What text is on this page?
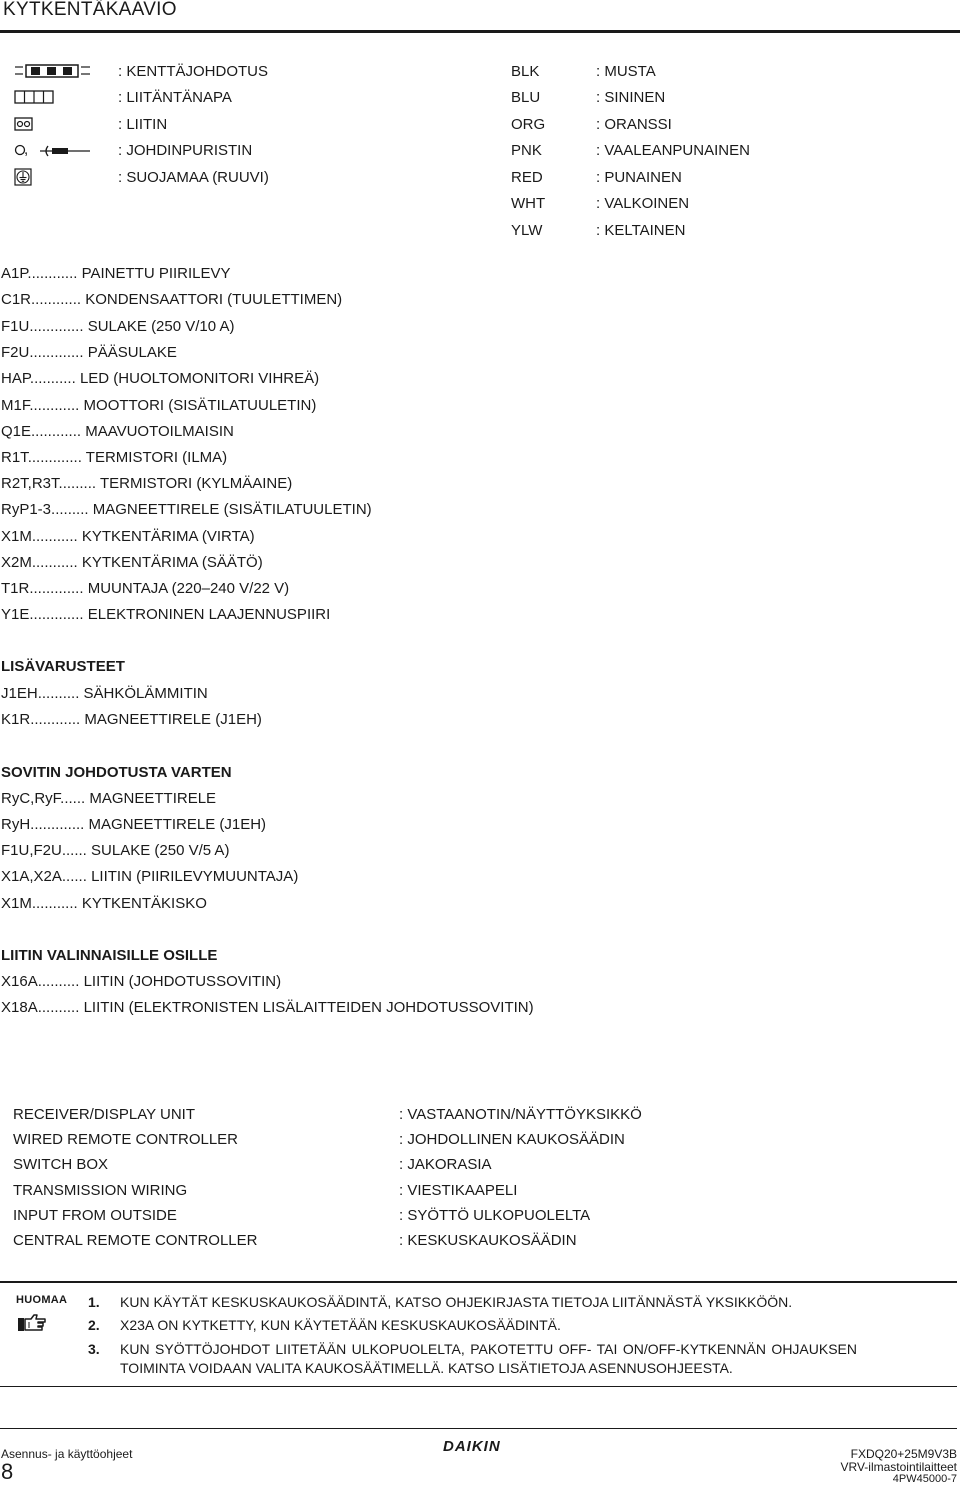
KYTKENTÄKAAVIO
,
: KENTTÄJOHDOTUS
: LIITÄNTÄNAPA
: LIITIN
: JOHDINPURISTIN
: SUOJAMAA (RUUVI)
BLK	: MUSTA
BLU	: SININEN
ORG	: ORANSSI
PNK	: VAALEANPUNAINEN
RED	: PUNAINEN
WHT	: VALKOINEN
YLW	: KELTAINEN
A1P............ PAINETTU PIIRILEVY
C1R............ KONDENSAATTORI (TUULETTIMEN)
F1U............. SULAKE (250 V/10 A)
F2U............. PÄÄSULAKE
HAP........... LED (HUOLTOMONITORI VIHREÄ)
M1F............ MOOTTORI (SISÄTILATUULETIN)
Q1E............ MAAVUOTOILMAISIN
R1T............. TERMISTORI (ILMA)
R2T,R3T......... TERMISTORI (KYLMÄAINE)
RyP1-3......... MAGNEETTIRELE (SISÄTILATUULETIN)
X1M........... KYTKENTÄRIMA (VIRTA)
X2M........... KYTKENTÄRIMA (SÄÄTÖ)
T1R............. MUUNTAJA (220–240 V/22 V)
Y1E............. ELEKTRONINEN LAAJENNUSPIIRI
LISÄVARUSTEET
J1EH.......... SÄHKÖLÄMMITIN
K1R............ MAGNEETTIRELE (J1EH)
SOVITIN JOHDOTUSTA VARTEN
RyC,RyF...... MAGNEETTIRELE
RyH............. MAGNEETTIRELE (J1EH)
F1U,F2U...... SULAKE (250 V/5 A)
X1A,X2A...... LIITIN (PIIRILEVYMUUNTAJA)
X1M........... KYTKENTÄKISKO
LIITIN VALINNAISILLE OSILLE
X16A.......... LIITIN (JOHDOTUSSOVITIN)
X18A.......... LIITIN (ELEKTRONISTEN LISÄLAITTEIDEN JOHDOTUSSOVITIN)
RECEIVER/DISPLAY UNIT	: VASTAANOTIN/NÄYTTÖYKSIKKÖ
WIRED REMOTE CONTROLLER	: JOHDOLLINEN KAUKOSÄÄDIN
SWITCH BOX	: JAKORASIA
TRANSMISSION WIRING	: VIESTIKAAPELI
INPUT FROM OUTSIDE	: SYÖTTÖ ULKOPUOLELTA
CENTRAL REMOTE CONTROLLER	: KESKUSKAUKOSÄÄDIN
HUOMAA 1. KUN KÄYTÄT KESKUSKAUKOSÄÄDINTÄ, KATSO OHJEKIRJASTA TIETOJA LIITÄNNÄSTÄ YKSIKKÖÖN.
2. X23A ON KYTKETTY, KUN KÄYTETÄÄN KESKUSKAUKOSÄÄDINTÄ.
3. KUN SYÖTTÖJOHDOT LIITETÄÄN ULKOPUOLELTA, PAKOTETTU OFF- TAI ON/OFF-KYTKENNÄN OHJAUKSEN
TOIMINTA VOIDAAN VALITA KAUKOSÄÄTIMELLÄ. KATSO LISÄTIETOJA ASENNUSOHJEESTA.
Asennus- ja käyttöohjeet
8
DAIKIN	FXDQ20+25M9V3B
VRV-ilmastointilaitteet
4PW45000-7
